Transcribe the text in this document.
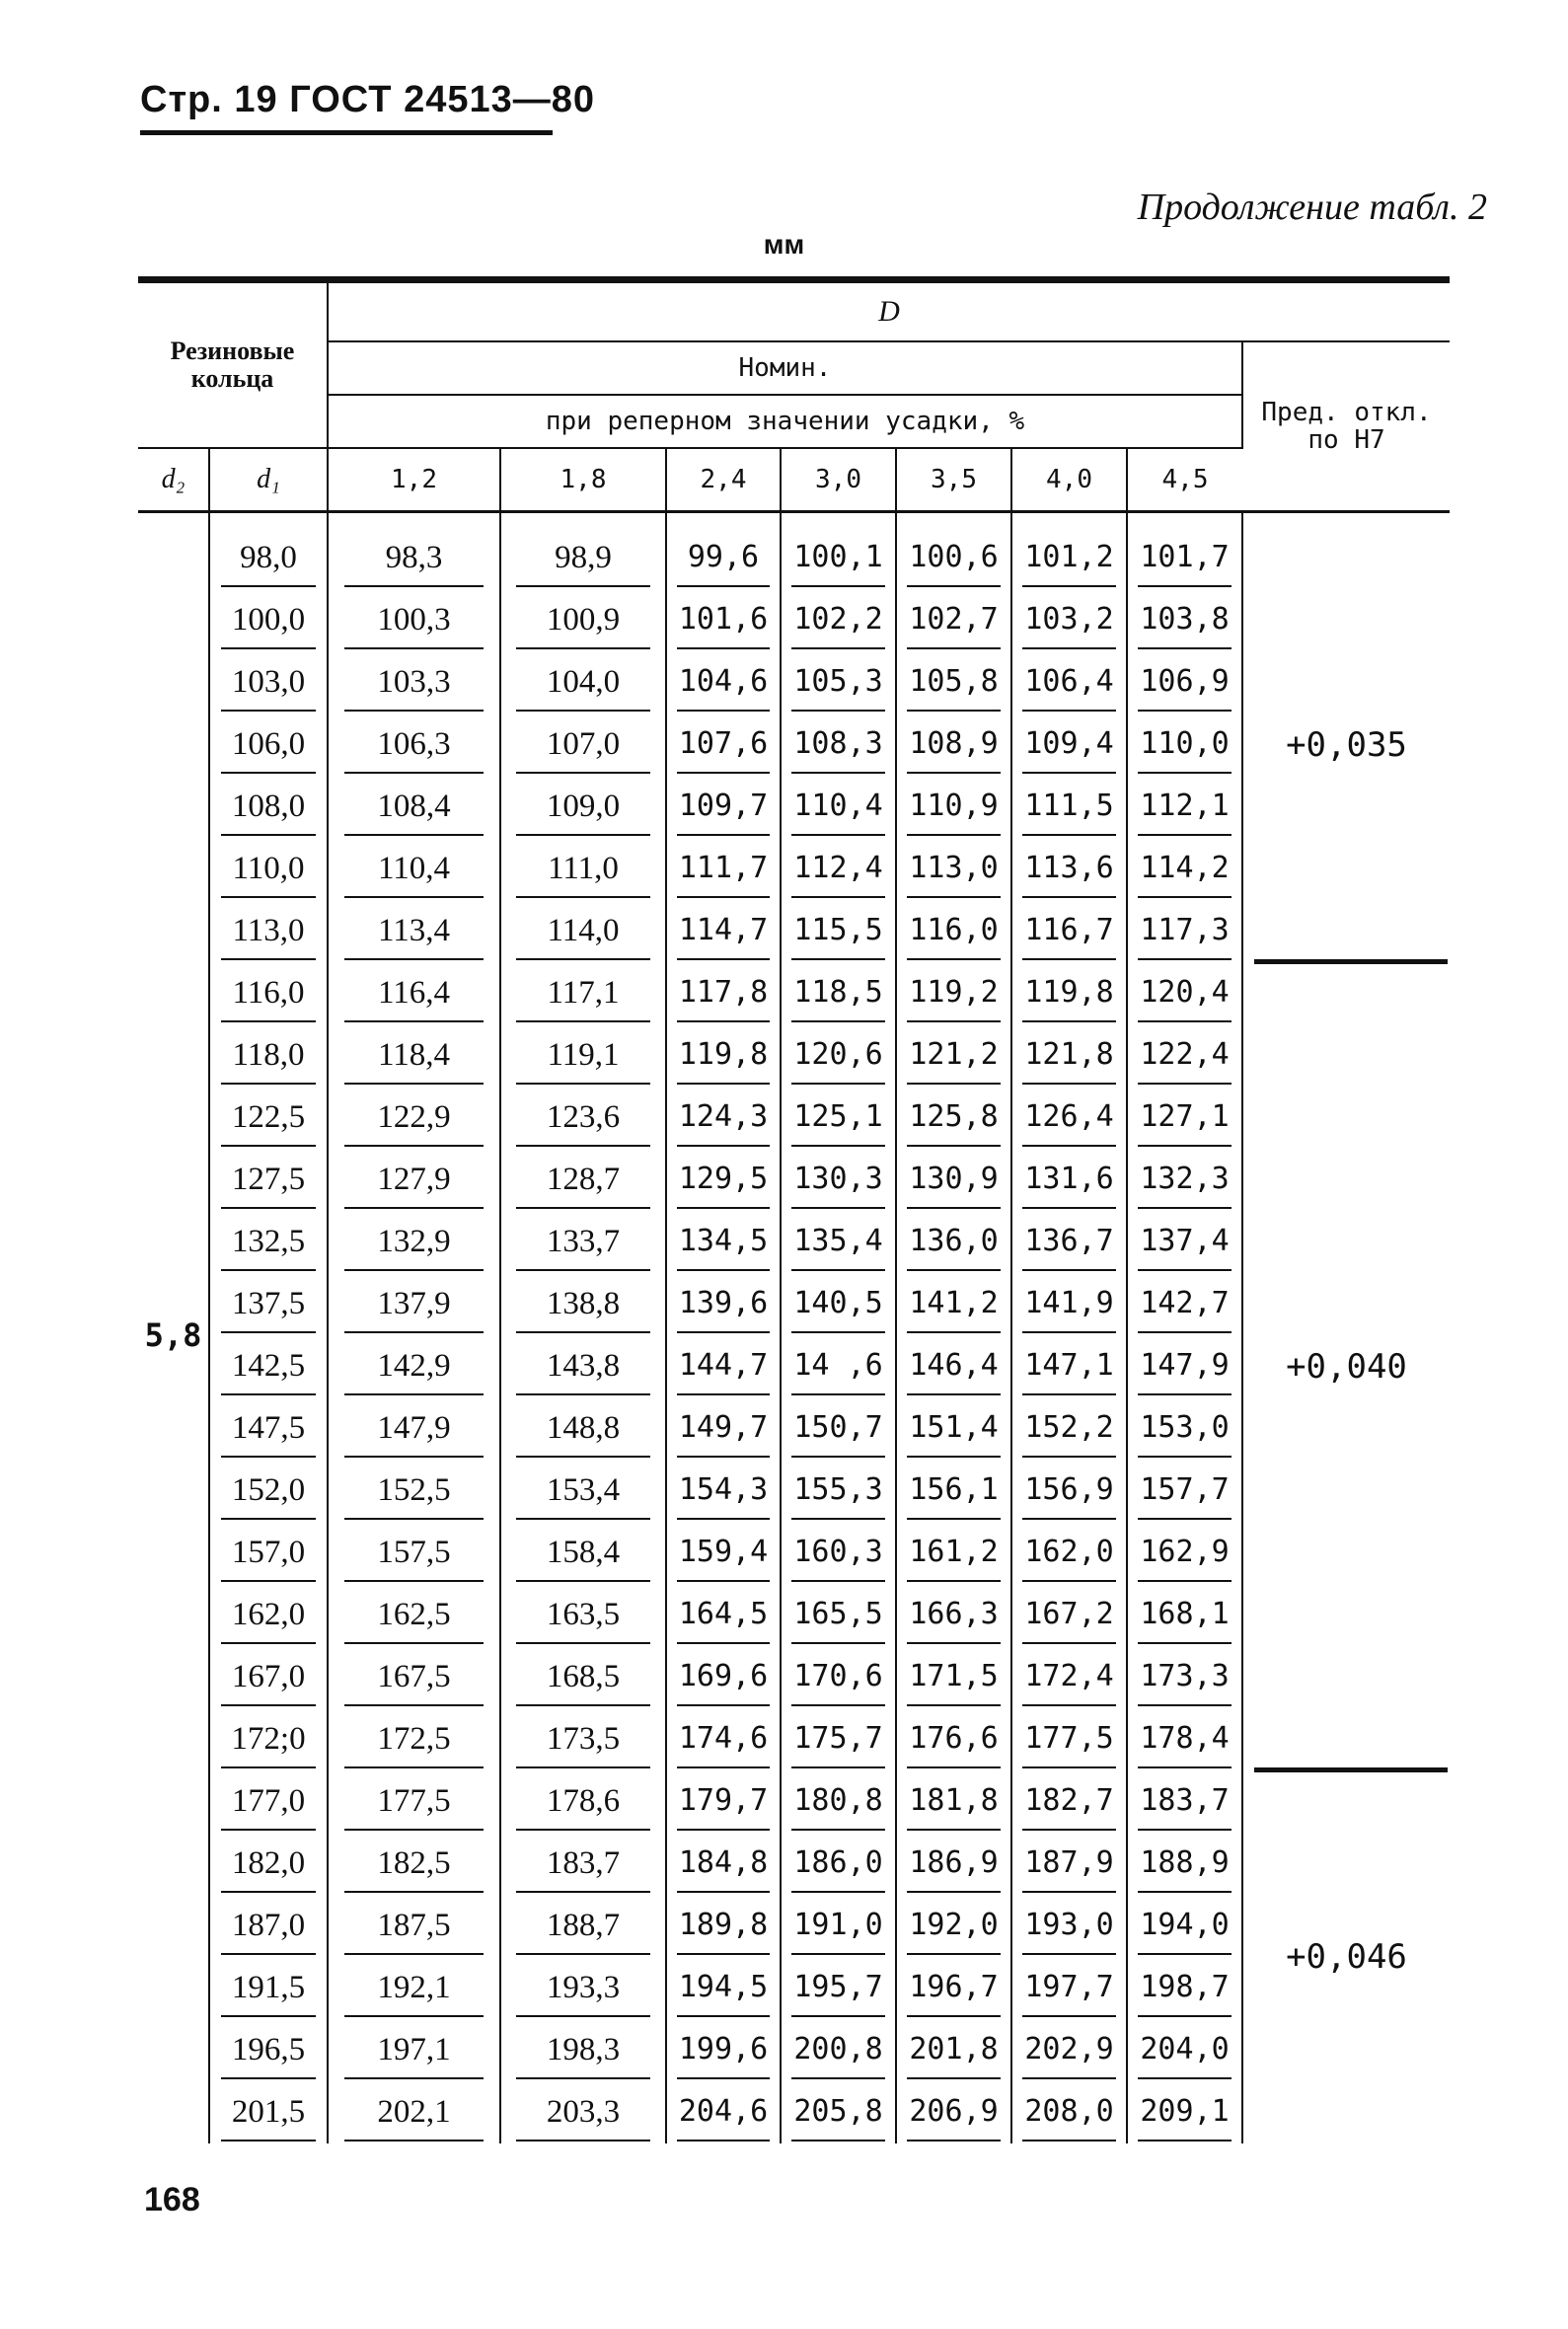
Стр. 19 ГОСТ 24513—80
Продолжение табл. 2
мм
Резиновые кольца		D							
		Номин.							Пред. откл. по Н7
		при реперном значении усадки, %							
d₂	d₁	1,2	1,8	2,4	3,0	3,5	4,0	4,5	

5,8	98,0	98,3	98,9	99,6	100,1	100,6	101,2	101,7	+0,035
	100,0	100,3	100,9	101,6	102,2	102,7	103,2	103,8	
	103,0	103,3	104,0	104,6	105,3	105,8	106,4	106,9	
	106,0	106,3	107,0	107,6	108,3	108,9	109,4	110,0	
	108,0	108,4	109,0	109,7	110,4	110,9	111,5	112,1	
	110,0	110,4	111,0	111,7	112,4	113,0	113,6	114,2	
	113,0	113,4	114,0	114,7	115,5	116,0	116,7	117,3	
	116,0	116,4	117,1	117,8	118,5	119,2	119,8	120,4	+0,040
	118,0	118,4	119,1	119,8	120,6	121,2	121,8	122,4	
	122,5	122,9	123,6	124,3	125,1	125,8	126,4	127,1	
	127,5	127,9	128,7	129,5	130,3	130,9	131,6	132,3	
	132,5	132,9	133,7	134,5	135,4	136,0	136,7	137,4	
	137,5	137,9	138,8	139,6	140,5	141,2	141,9	142,7	
	142,5	142,9	143,8	144,7	14 ,6	146,4	147,1	147,9	
	147,5	147,9	148,8	149,7	150,7	151,4	152,2	153,0	
	152,0	152,5	153,4	154,3	155,3	156,1	156,9	157,7	
	157,0	157,5	158,4	159,4	160,3	161,2	162,0	162,9	
	162,0	162,5	163,5	164,5	165,5	166,3	167,2	168,1	
	167,0	167,5	168,5	169,6	170,6	171,5	172,4	173,3	
	172;0	172,5	173,5	174,6	175,7	176,6	177,5	178,4	
	177,0	177,5	178,6	179,7	180,8	181,8	182,7	183,7	+0,046
	182,0	182,5	183,7	184,8	186,0	186,9	187,9	188,9	
	187,0	187,5	188,7	189,8	191,0	192,0	193,0	194,0	
	191,5	192,1	193,3	194,5	195,7	196,7	197,7	198,7	
	196,5	197,1	198,3	199,6	200,8	201,8	202,9	204,0	
	201,5	202,1	203,3	204,6	205,8	206,9	208,0	209,1	
168
